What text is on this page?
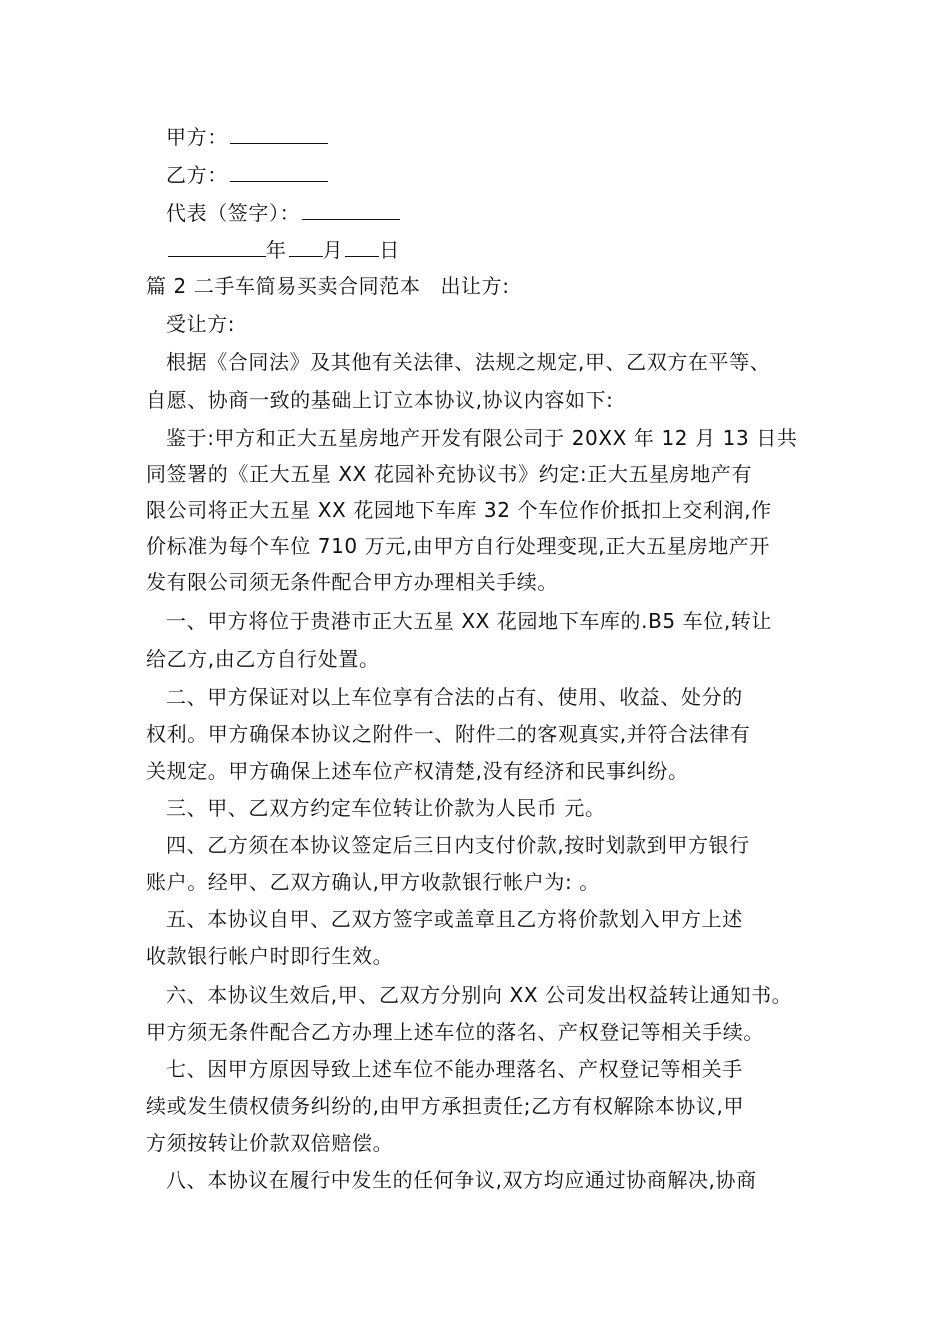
甲方：
乙方：
代表（签字）：
年 月 日
篇 2 二手车简易买卖合同范本 出让方:
受让方:
根据《合同法》及其他有关法律、法规之规定,甲、乙双方在平等、
自愿、协商一致的基础上订立本协议,协议内容如下:
鉴于:甲方和正大五星房地产开发有限公司于 20XX 年 12 月 13 日共
同签署的《正大五星 XX 花园补充协议书》约定:正大五星房地产有
限公司将正大五星 XX 花园地下车库 32 个车位作价抵扣上交利润,作
价标准为每个车位 710 万元,由甲方自行处理变现,正大五星房地产开
发有限公司须无条件配合甲方办理相关手续。
一、甲方将位于贵港市正大五星 XX 花园地下车库的.B5 车位,转让
给乙方,由乙方自行处置。
二、甲方保证对以上车位享有合法的占有、使用、收益、处分的
权利。甲方确保本协议之附件一、附件二的客观真实,并符合法律有
关规定。甲方确保上述车位产权清楚,没有经济和民事纠纷。
三、甲、乙双方约定车位转让价款为人民币 元。
四、乙方须在本协议签定后三日内支付价款,按时划款到甲方银行
账户。经甲、乙双方确认,甲方收款银行帐户为: 。
五、本协议自甲、乙双方签字或盖章且乙方将价款划入甲方上述
收款银行帐户时即行生效。
六、本协议生效后,甲、乙双方分别向 XX 公司发出权益转让通知书。
甲方须无条件配合乙方办理上述车位的落名、产权登记等相关手续。
七、因甲方原因导致上述车位不能办理落名、产权登记等相关手
续或发生债权债务纠纷的,由甲方承担责任;乙方有权解除本协议,甲
方须按转让价款双倍赔偿。
八、本协议在履行中发生的任何争议,双方均应通过协商解决,协商
